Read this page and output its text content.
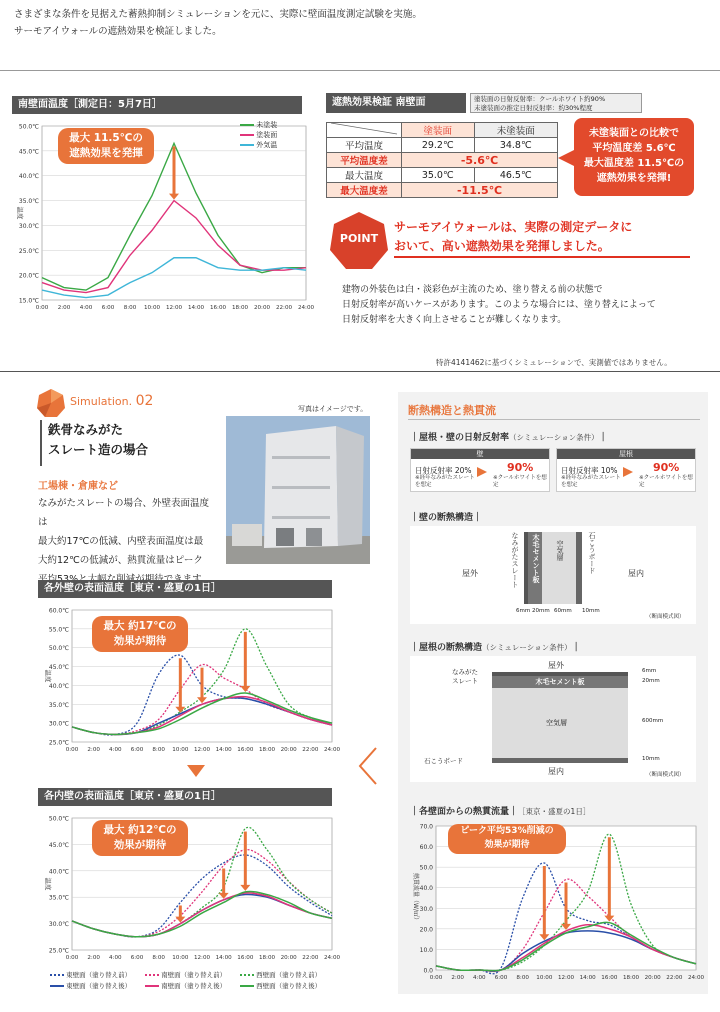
さまざまな条件を見据えた蓄熱抑制シミュレーションを元に、実際に壁面温度測定試験を実施。
サーモアイウォールの遮熱効果を検証しました。
南壁面温度［測定日：5月7日］
15.0℃
20.0℃
25.0℃
30.0℃
35.0℃
40.0℃
45.0℃
50.0℃
0:00 2:00 4:00 6:00 8:00 10:00 12:00 14:00 16:00 18:00 20:00 22:00 24:00
温度
最大 11.5℃の
遮熱効果を発揮
未塗装
塗装面
外気温
遮熱効果検証 南壁面	塗装面の日射反射率：クールホワイト約90%
未塗装面の推定日射反射率：約30%程度
	塗装面	未塗装面
平均温度	29.2℃	34.8℃
平均温度差	-5.6℃	
最大温度	35.0℃	46.5℃
最大温度差	-11.5℃	
未塗装面との比較で
平均温度差 5.6℃
最大温度差 11.5℃の
遮熱効果を発揮!
POINT
サーモアイウォールは、実際の測定データに
おいて、高い遮熱効果を発揮しました。
建物の外装色は白・淡彩色が主流のため、塗り替える前の状態で
日射反射率が高いケースがあります。このような場合には、塗り替えによって
日射反射率を大きく向上させることが難しくなります。
特許4141462に基づくシミュレーションで、実測値ではありません。
Simulation. 02
鉄骨なみがた
スレート造の場合
写真はイメージです。
工場棟・倉庫など
なみがたスレートの場合、外壁表面温度は
最大約17℃の低減、内壁表面温度は最
大約12℃の低減が、熱貫流量はピーク
各外壁の表面温度［東京・盛夏の1日］
25.0℃
30.0℃
35.0℃
40.0℃
45.0℃
50.0℃
55.0℃
60.0℃
0:00 2:00 4:00 6:00 8:00 10:00 12:00 14:00 16:00 18:00 20:00 22:00 24:00
温度
最大 約17℃の
効果が期待
各内壁の表面温度［東京・盛夏の1日］
25.0℃
30.0℃
35.0℃
40.0℃
45.0℃
50.0℃
0:00 2:00 4:00 6:00 8:00 10:00 12:00 14:00 16:00 18:00 20:00 22:00 24:00
温度
最大 約12℃の
効果が期待
東壁面（塗り替え前）	南壁面（塗り替え前）	西壁面（塗り替え前）
東壁面（塗り替え後）	南壁面（塗り替え後）	西壁面（塗り替え後）
断熱構造と熱貫流
｜屋根・壁の日射反射率（シミュレーション条件）｜
壁
日射反射率 20%
※経年なみがたスレートを想定
90%
※クールホワイトを想定
屋根
日射反射率 10%
※経年なみがたスレートを想定
90%
※クールホワイトを想定
｜壁の断熱構造｜
屋外	屋内
なみがたスレート	木毛セメント板	空気層	石こうボード
6mm 20mm 60mm 10mm
（断面模式図）
｜屋根の断熱構造（シミュレーション条件）｜
屋外
なみがた
スレート	木毛セメント板
空気層
石こうボード
屋内
6mm
20mm
600mm
10mm
（断面模式図）
｜各壁面からの熱貫流量｜［東京・盛夏の1日］
0.0
10.0
20.0
30.0
40.0
50.0
60.0
70.0
0:00 2:00 4:00 6:00 8:00 10:00 12:00 14:00 16:00 18:00 20:00 22:00 24:00
熱貫流量（W/㎡）
ピーク平均53%削減の
効果が期待
